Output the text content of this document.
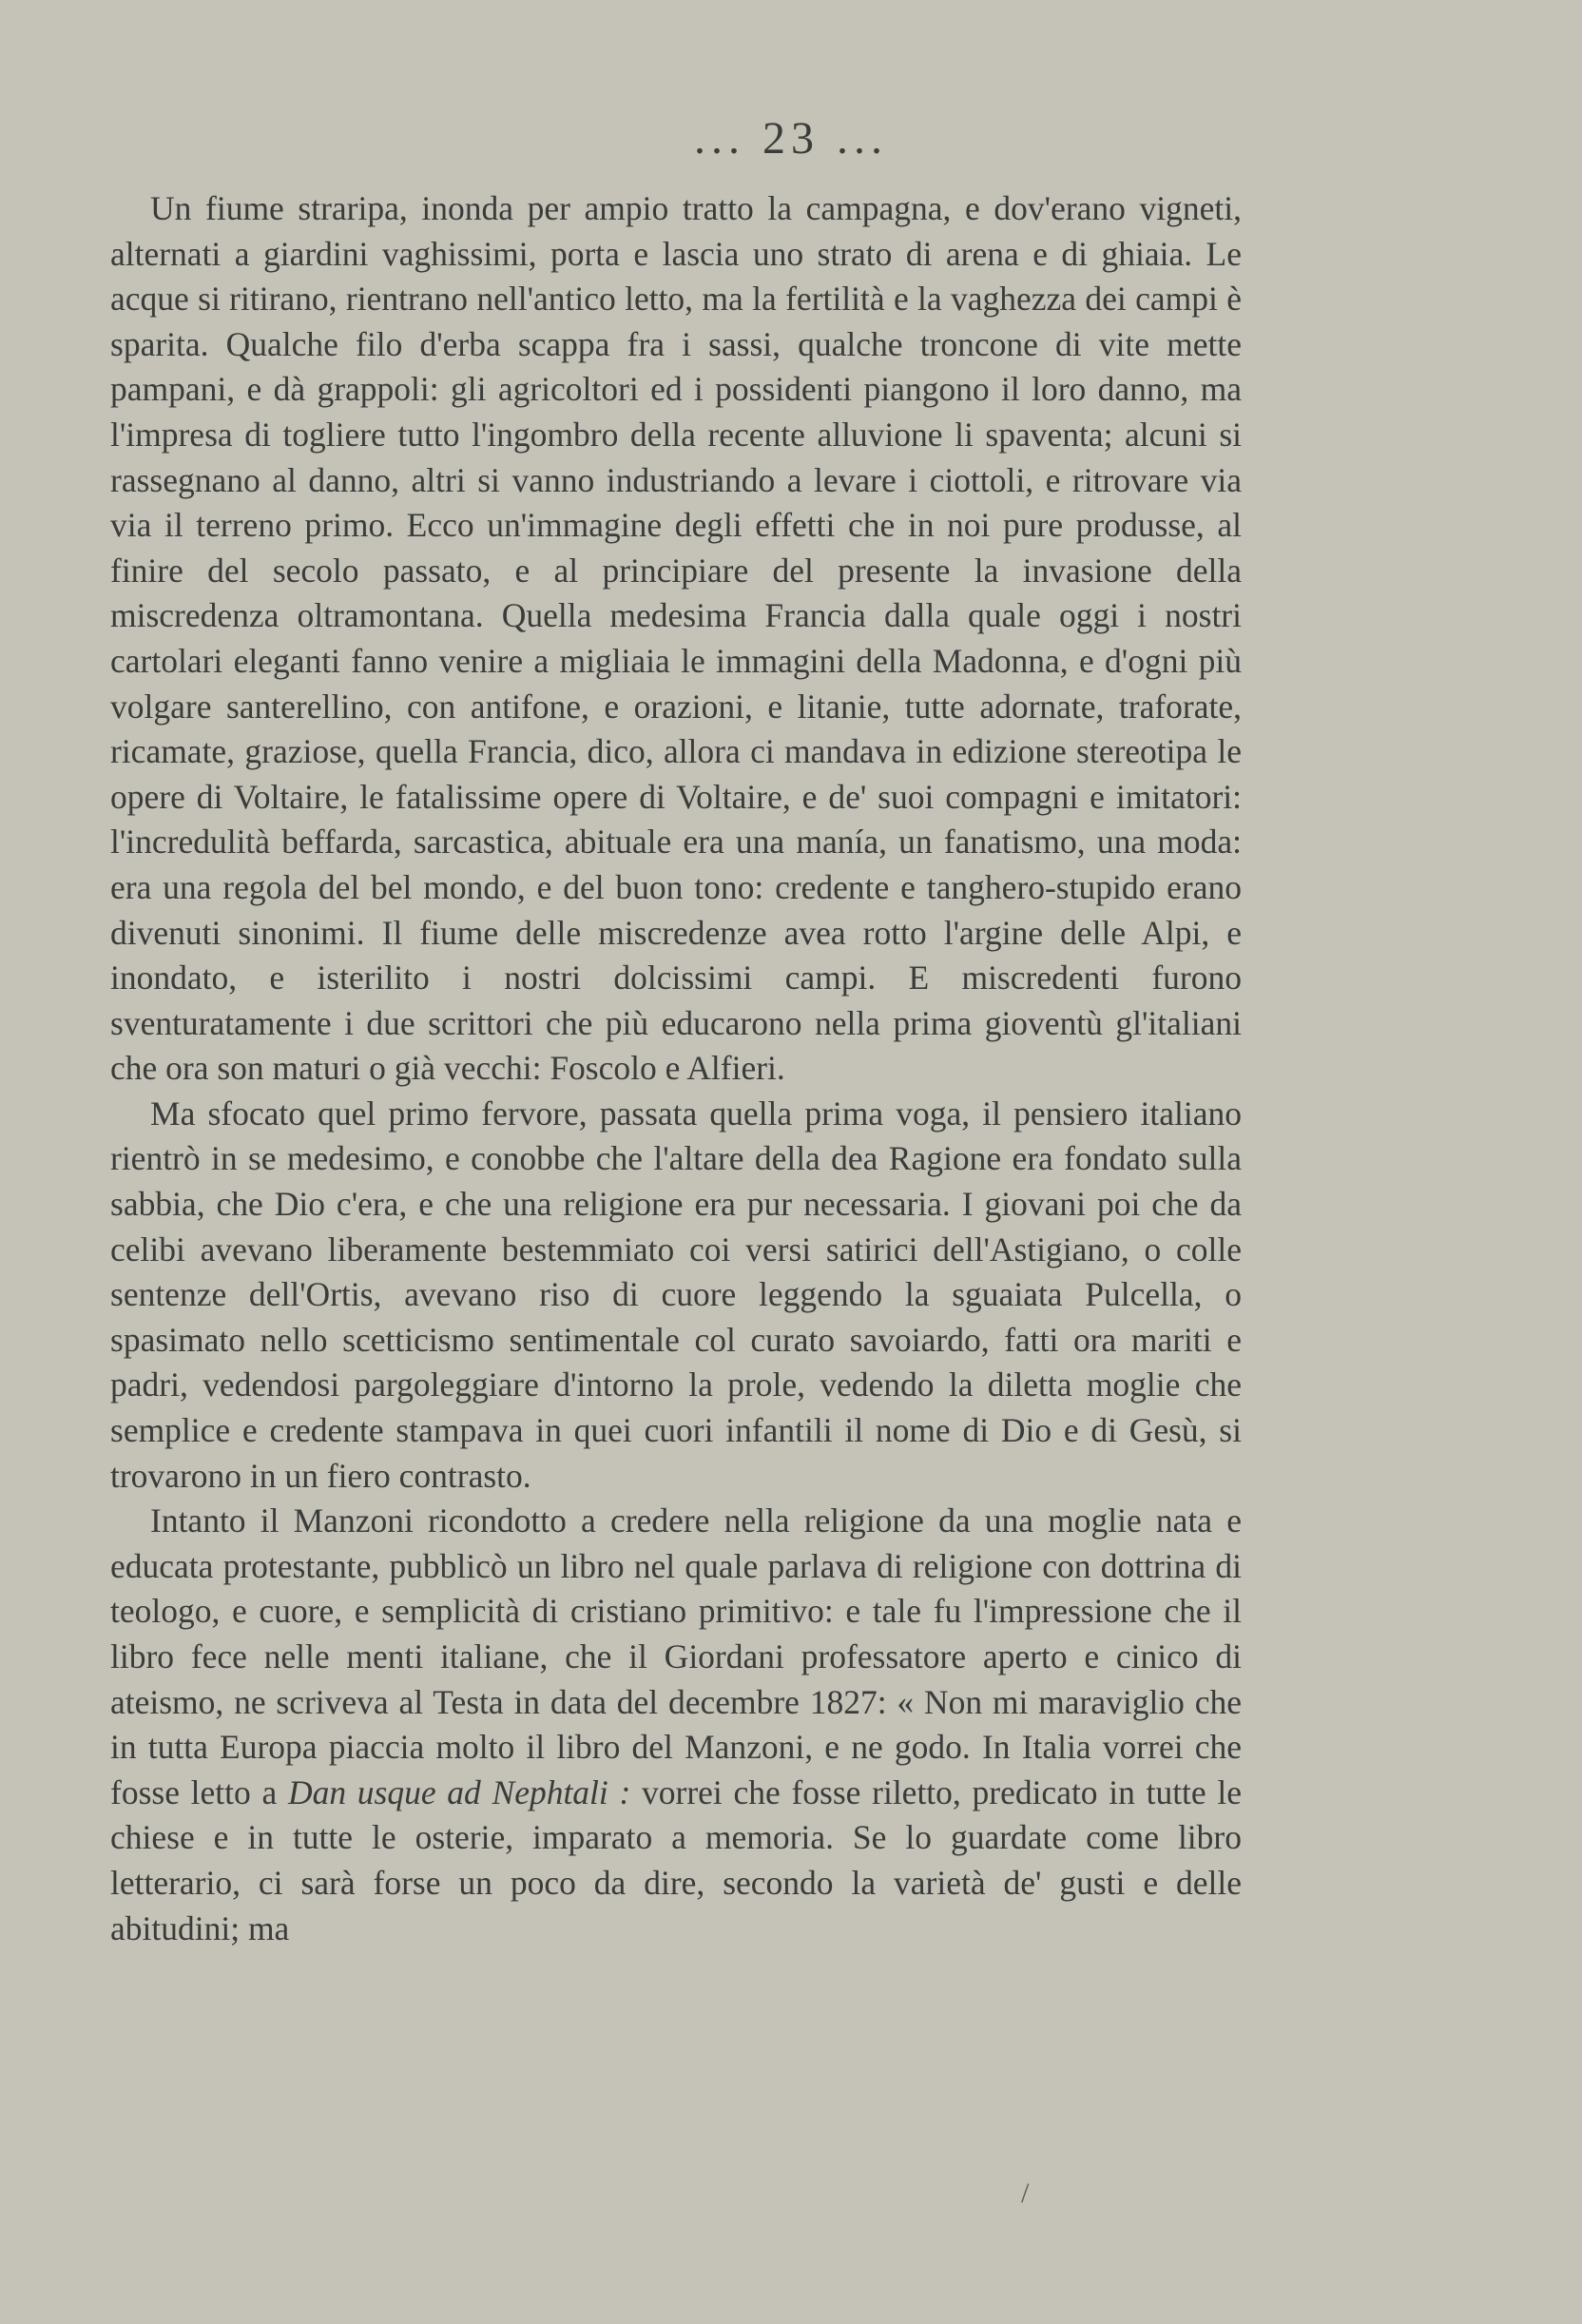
... 23 ...

Un fiume straripa, inonda per ampio tratto la campagna, e dov'erano vigneti, alternati a giardini vaghissimi, porta e lascia uno strato di arena e di ghiaia. Le acque si ritirano, rientrano nell'antico letto, ma la fertilità e la vaghezza dei campi è sparita. Qualche filo d'erba scappa fra i sassi, qualche troncone di vite mette pampani, e dà grappoli: gli agricoltori ed i possidenti piangono il loro danno, ma l'impresa di togliere tutto l'ingombro della recente alluvione li spaventa; alcuni si rassegnano al danno, altri si vanno industriando a levare i ciottoli, e ritrovare via via il terreno primo. Ecco un'immagine degli effetti che in noi pure produsse, al finire del secolo passato, e al principiare del presente la invasione della miscredenza oltramontana. Quella medesima Francia dalla quale oggi i nostri cartolari eleganti fanno venire a migliaia le immagini della Madonna, e d'ogni più volgare santerellino, con antifone, e orazioni, e litanie, tutte adornate, traforate, ricamate, graziose, quella Francia, dico, allora ci mandava in edizione stereotipa le opere di Voltaire, le fatalissime opere di Voltaire, e de' suoi compagni e imitatori: l'incredulità beffarda, sarcastica, abituale era una manía, un fanatismo, una moda: era una regola del bel mondo, e del buon tono: credente e tanghero-stupido erano divenuti sinonimi. Il fiume delle miscredenze avea rotto l'argine delle Alpi, e inondato, e isterilito i nostri dolcissimi campi. E miscredenti furono sventuratamente i due scrittori che più educarono nella prima gioventù gl'italiani che ora son maturi o già vecchi: Foscolo e Alfieri.

Ma sfocato quel primo fervore, passata quella prima voga, il pensiero italiano rientrò in se medesimo, e conobbe che l'altare della dea Ragione era fondato sulla sabbia, che Dio c'era, e che una religione era pur necessaria. I giovani poi che da celibi avevano liberamente bestemmiato coi versi satirici dell'Astigiano, o colle sentenze dell'Ortis, avevano riso di cuore leggendo la sguaiata Pulcella, o spasimato nello scetticismo sentimentale col curato savoiardo, fatti ora mariti e padri, vedendosi pargoleggiare d'intorno la prole, vedendo la diletta moglie che semplice e credente stampava in quei cuori infantili il nome di Dio e di Gesù, si trovarono in un fiero contrasto.

Intanto il Manzoni ricondotto a credere nella religione da una moglie nata e educata protestante, pubblicò un libro nel quale parlava di religione con dottrina di teologo, e cuore, e semplicità di cristiano primitivo: e tale fu l'impressione che il libro fece nelle menti italiane, che il Giordani professatore aperto e cinico di ateismo, ne scriveva al Testa in data del decembre 1827: « Non mi maraviglio che in tutta Europa piaccia molto il libro del Manzoni, e ne godo. In Italia vorrei che fosse letto a Dan usque ad Nephtali : vorrei che fosse riletto, predicato in tutte le chiese e in tutte le osterie, imparato a memoria. Se lo guardate come libro letterario, ci sarà forse un poco da dire, secondo la varietà de' gusti e delle abitudini; ma

/
